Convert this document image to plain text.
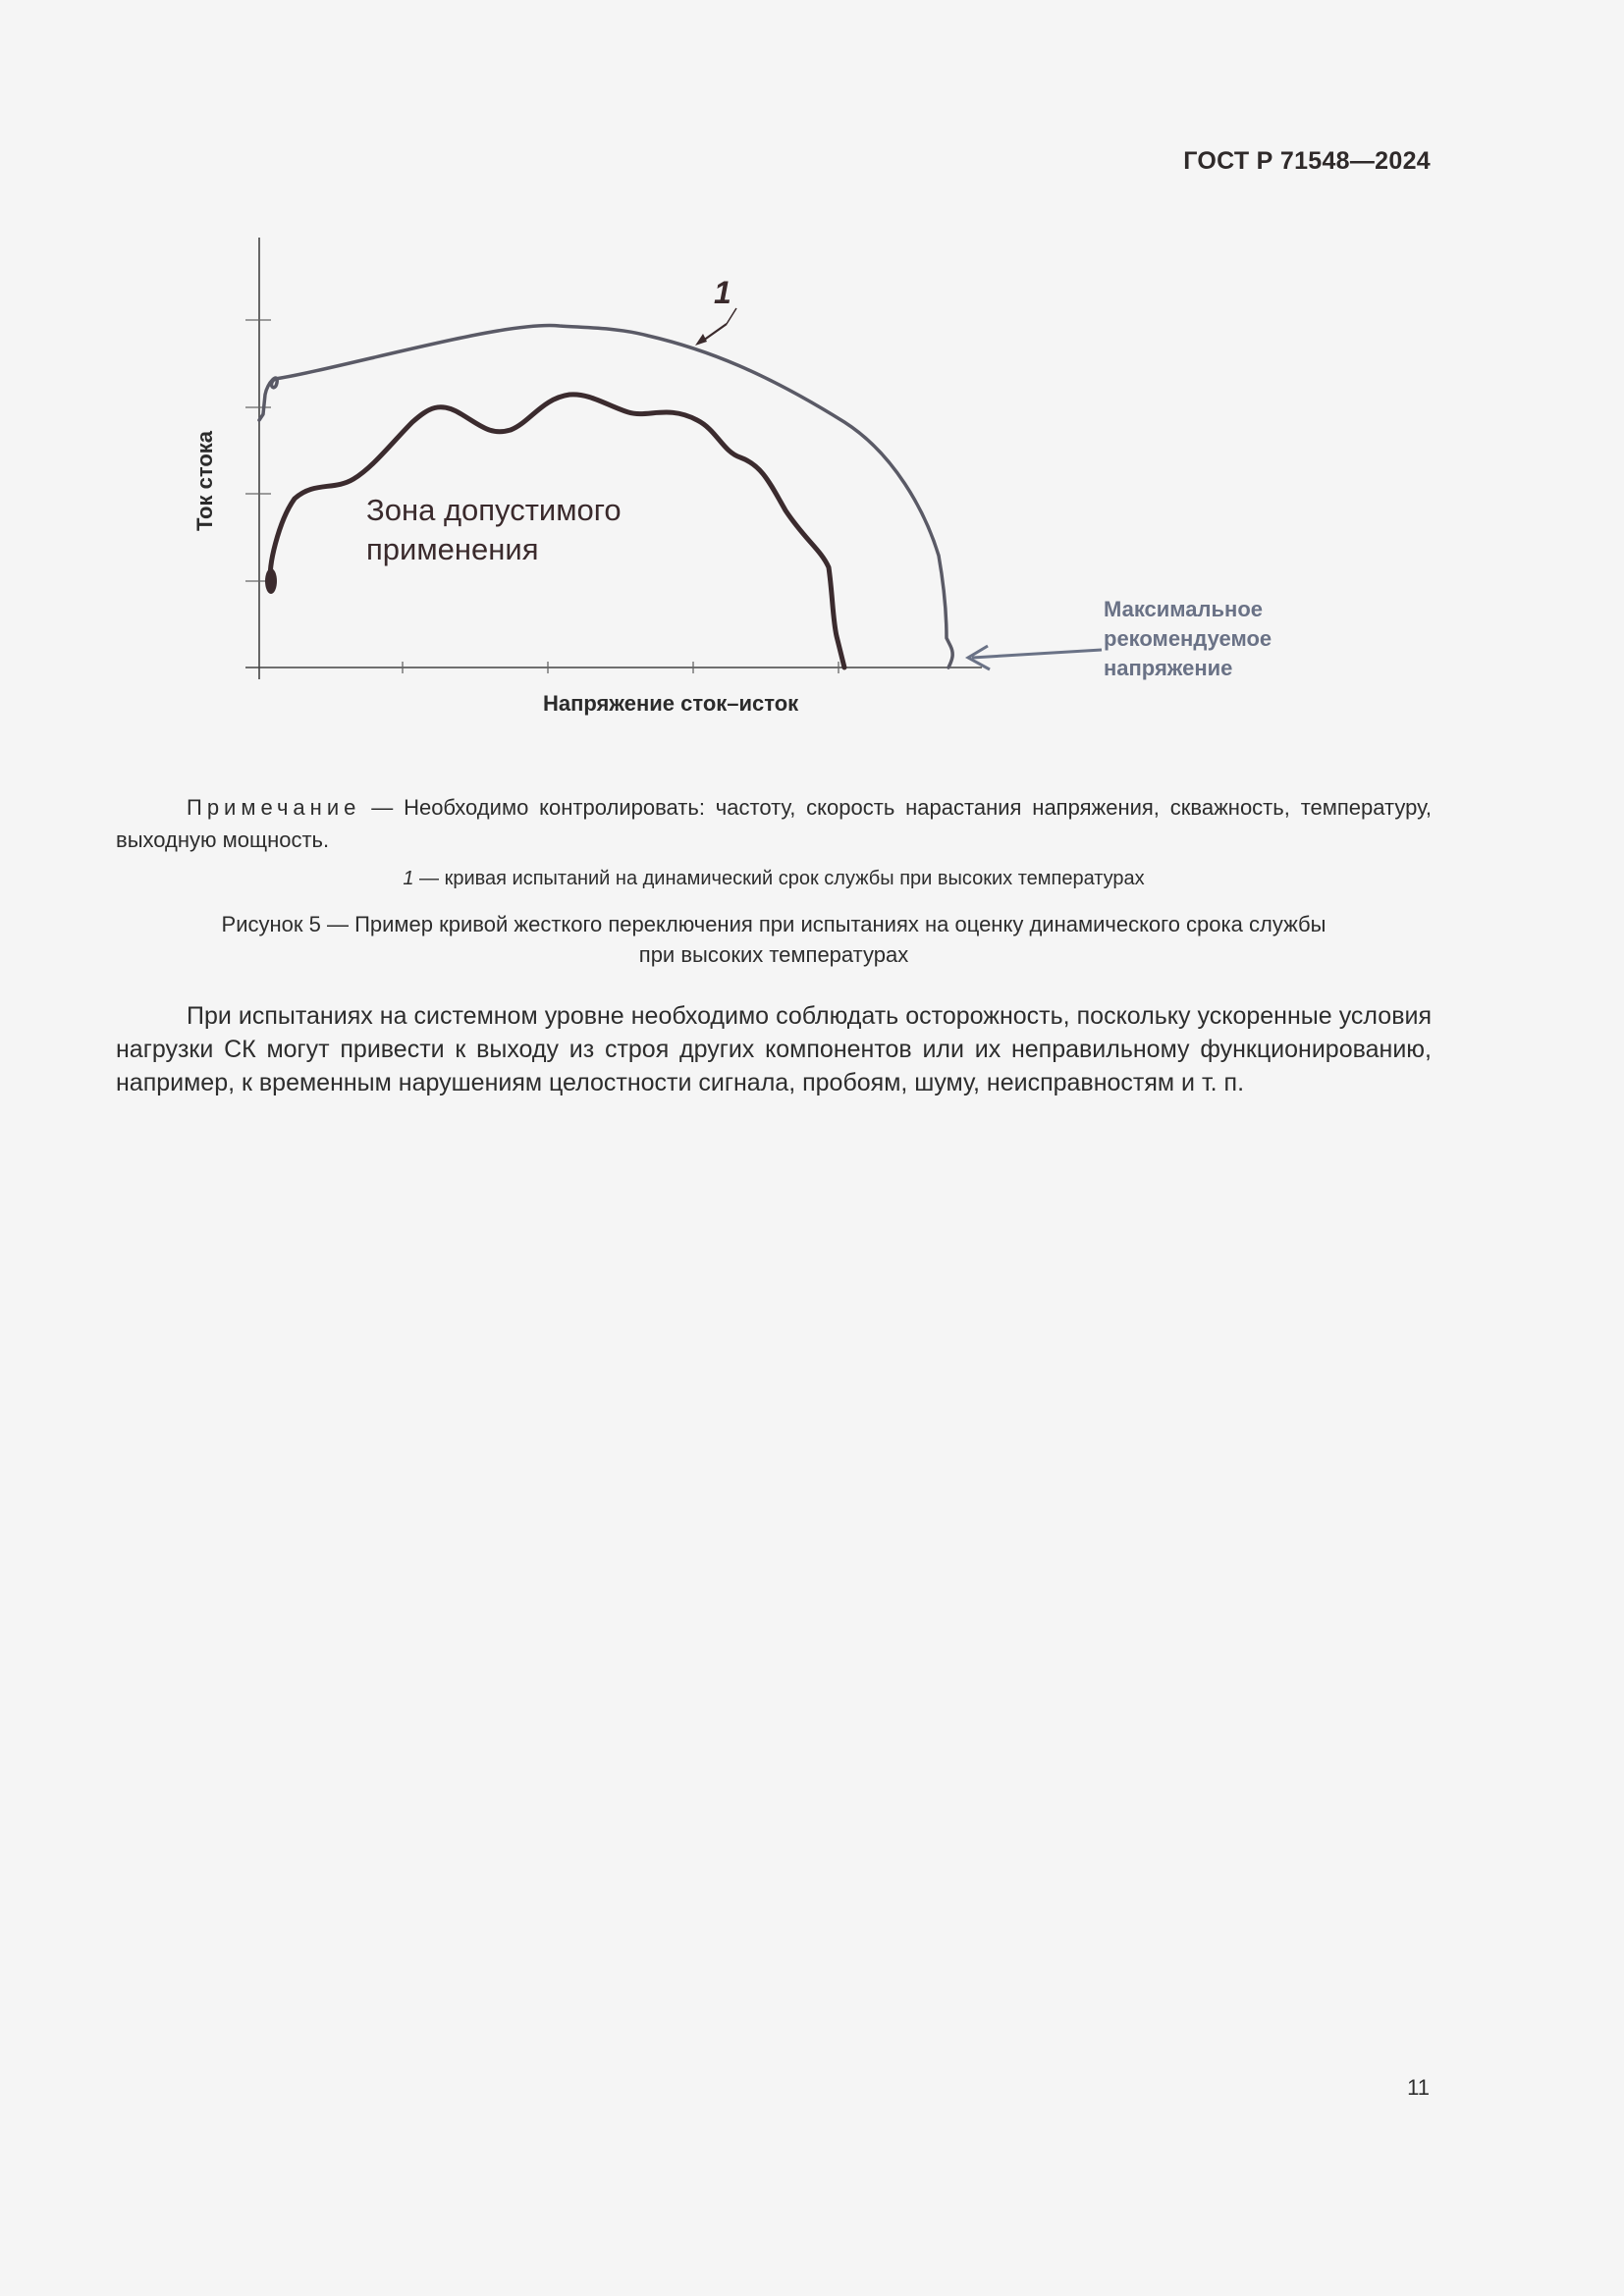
ГОСТ Р 71548—2024
Ток стока
Напряжение сток–исток
1
Зона допустимого
применения
Максимальное
рекомендуемое
напряжение
Примечание — Необходимо контролировать: частоту, скорость нарастания напряжения, скважность, температуру, выходную мощность.
1 — кривая испытаний на динамический срок службы при высоких температурах
Рисунок 5 — Пример кривой жесткого переключения при испытаниях на оценку динамического срока службы
при высоких температурах
При испытаниях на системном уровне необходимо соблюдать осторожность, поскольку ускоренные условия нагрузки СК могут привести к выходу из строя других компонентов или их неправильному функционированию, например, к временным нарушениям целостности сигнала, пробоям, шуму, неисправностям и т. п.
11
